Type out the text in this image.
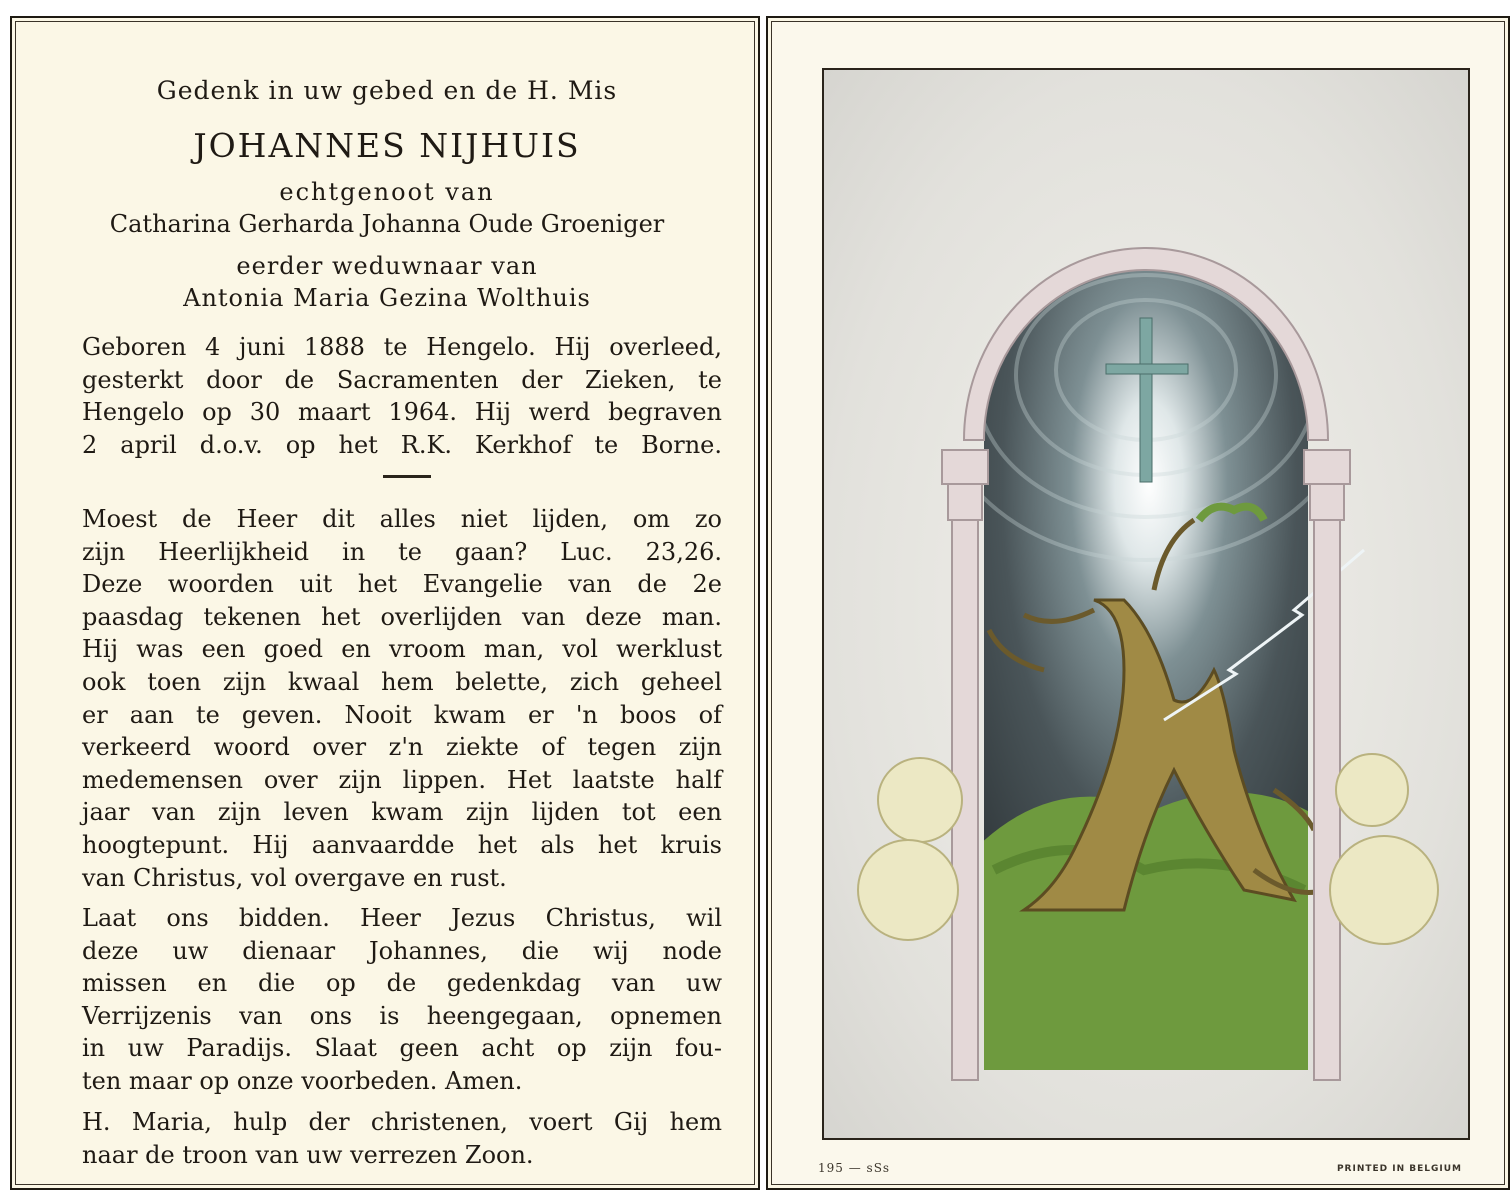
Gedenk in uw gebed en de H. Mis
JOHANNES NIJHUIS
echtgenoot van
Catharina Gerharda Johanna Oude Groeniger
eerder weduwnaar van
Antonia Maria Gezina Wolthuis
Geboren 4 juni 1888 te Hengelo. Hij overleed,
gesterkt door de Sacramenten der Zieken, te
Hengelo op 30 maart 1964. Hij werd begraven
2 april d.o.v. op het R.K. Kerkhof te Borne.
Moest de Heer dit alles niet lijden, om zo
zijn Heerlijkheid in te gaan? Luc. 23,26.
Deze woorden uit het Evangelie van de 2e
paasdag tekenen het overlijden van deze man.
Hij was een goed en vroom man, vol werklust
ook toen zijn kwaal hem belette, zich geheel
er aan te geven. Nooit kwam er 'n boos of
verkeerd woord over z'n ziekte of tegen zijn
medemensen over zijn lippen. Het laatste half
jaar van zijn leven kwam zijn lijden tot een
hoogtepunt. Hij aanvaardde het als het kruis
van Christus, vol overgave en rust.
Laat ons bidden. Heer Jezus Christus, wil
deze uw dienaar Johannes, die wij node
missen en die op de gedenkdag van uw
Verrijzenis van ons is heengegaan, opnemen
in uw Paradijs. Slaat geen acht op zijn fou-
ten maar op onze voorbeden. Amen.
H. Maria, hulp der christenen, voert Gij hem
naar de troon van uw verrezen Zoon.	195 — sSs	PRINTED IN BELGIUM
